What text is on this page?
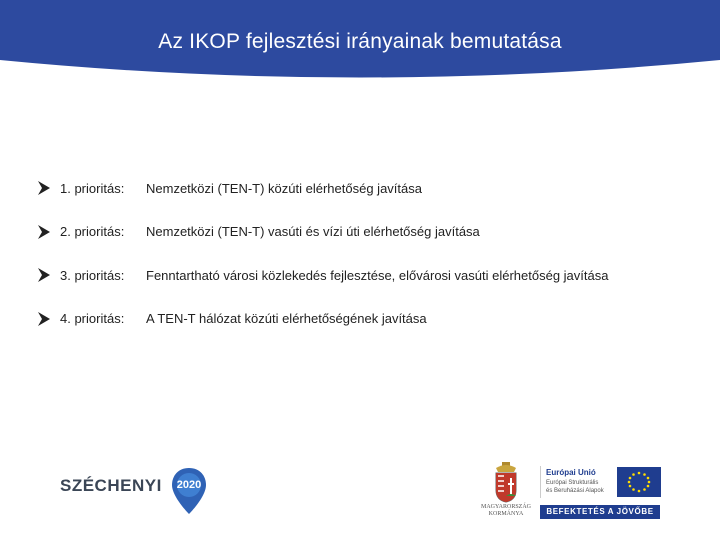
Az IKOP fejlesztési irányainak bemutatása
1. prioritás:	Nemzetközi (TEN-T) közúti elérhetőség javítása
2. prioritás:	Nemzetközi (TEN-T) vasúti és vízi úti elérhetőség javítása
3. prioritás:	Fenntartható városi közlekedés fejlesztése, elővárosi vasúti elérhetőség javítása
4. prioritás:	A TEN-T hálózat közúti elérhetőségének javítása
SZÉCHENYI	2020
MAGYARORSZÁG
KORMÁNYA
Európai Unió
Európai Strukturális
és Beruházási Alapok
BEFEKTETÉS A JÖVŐBE
